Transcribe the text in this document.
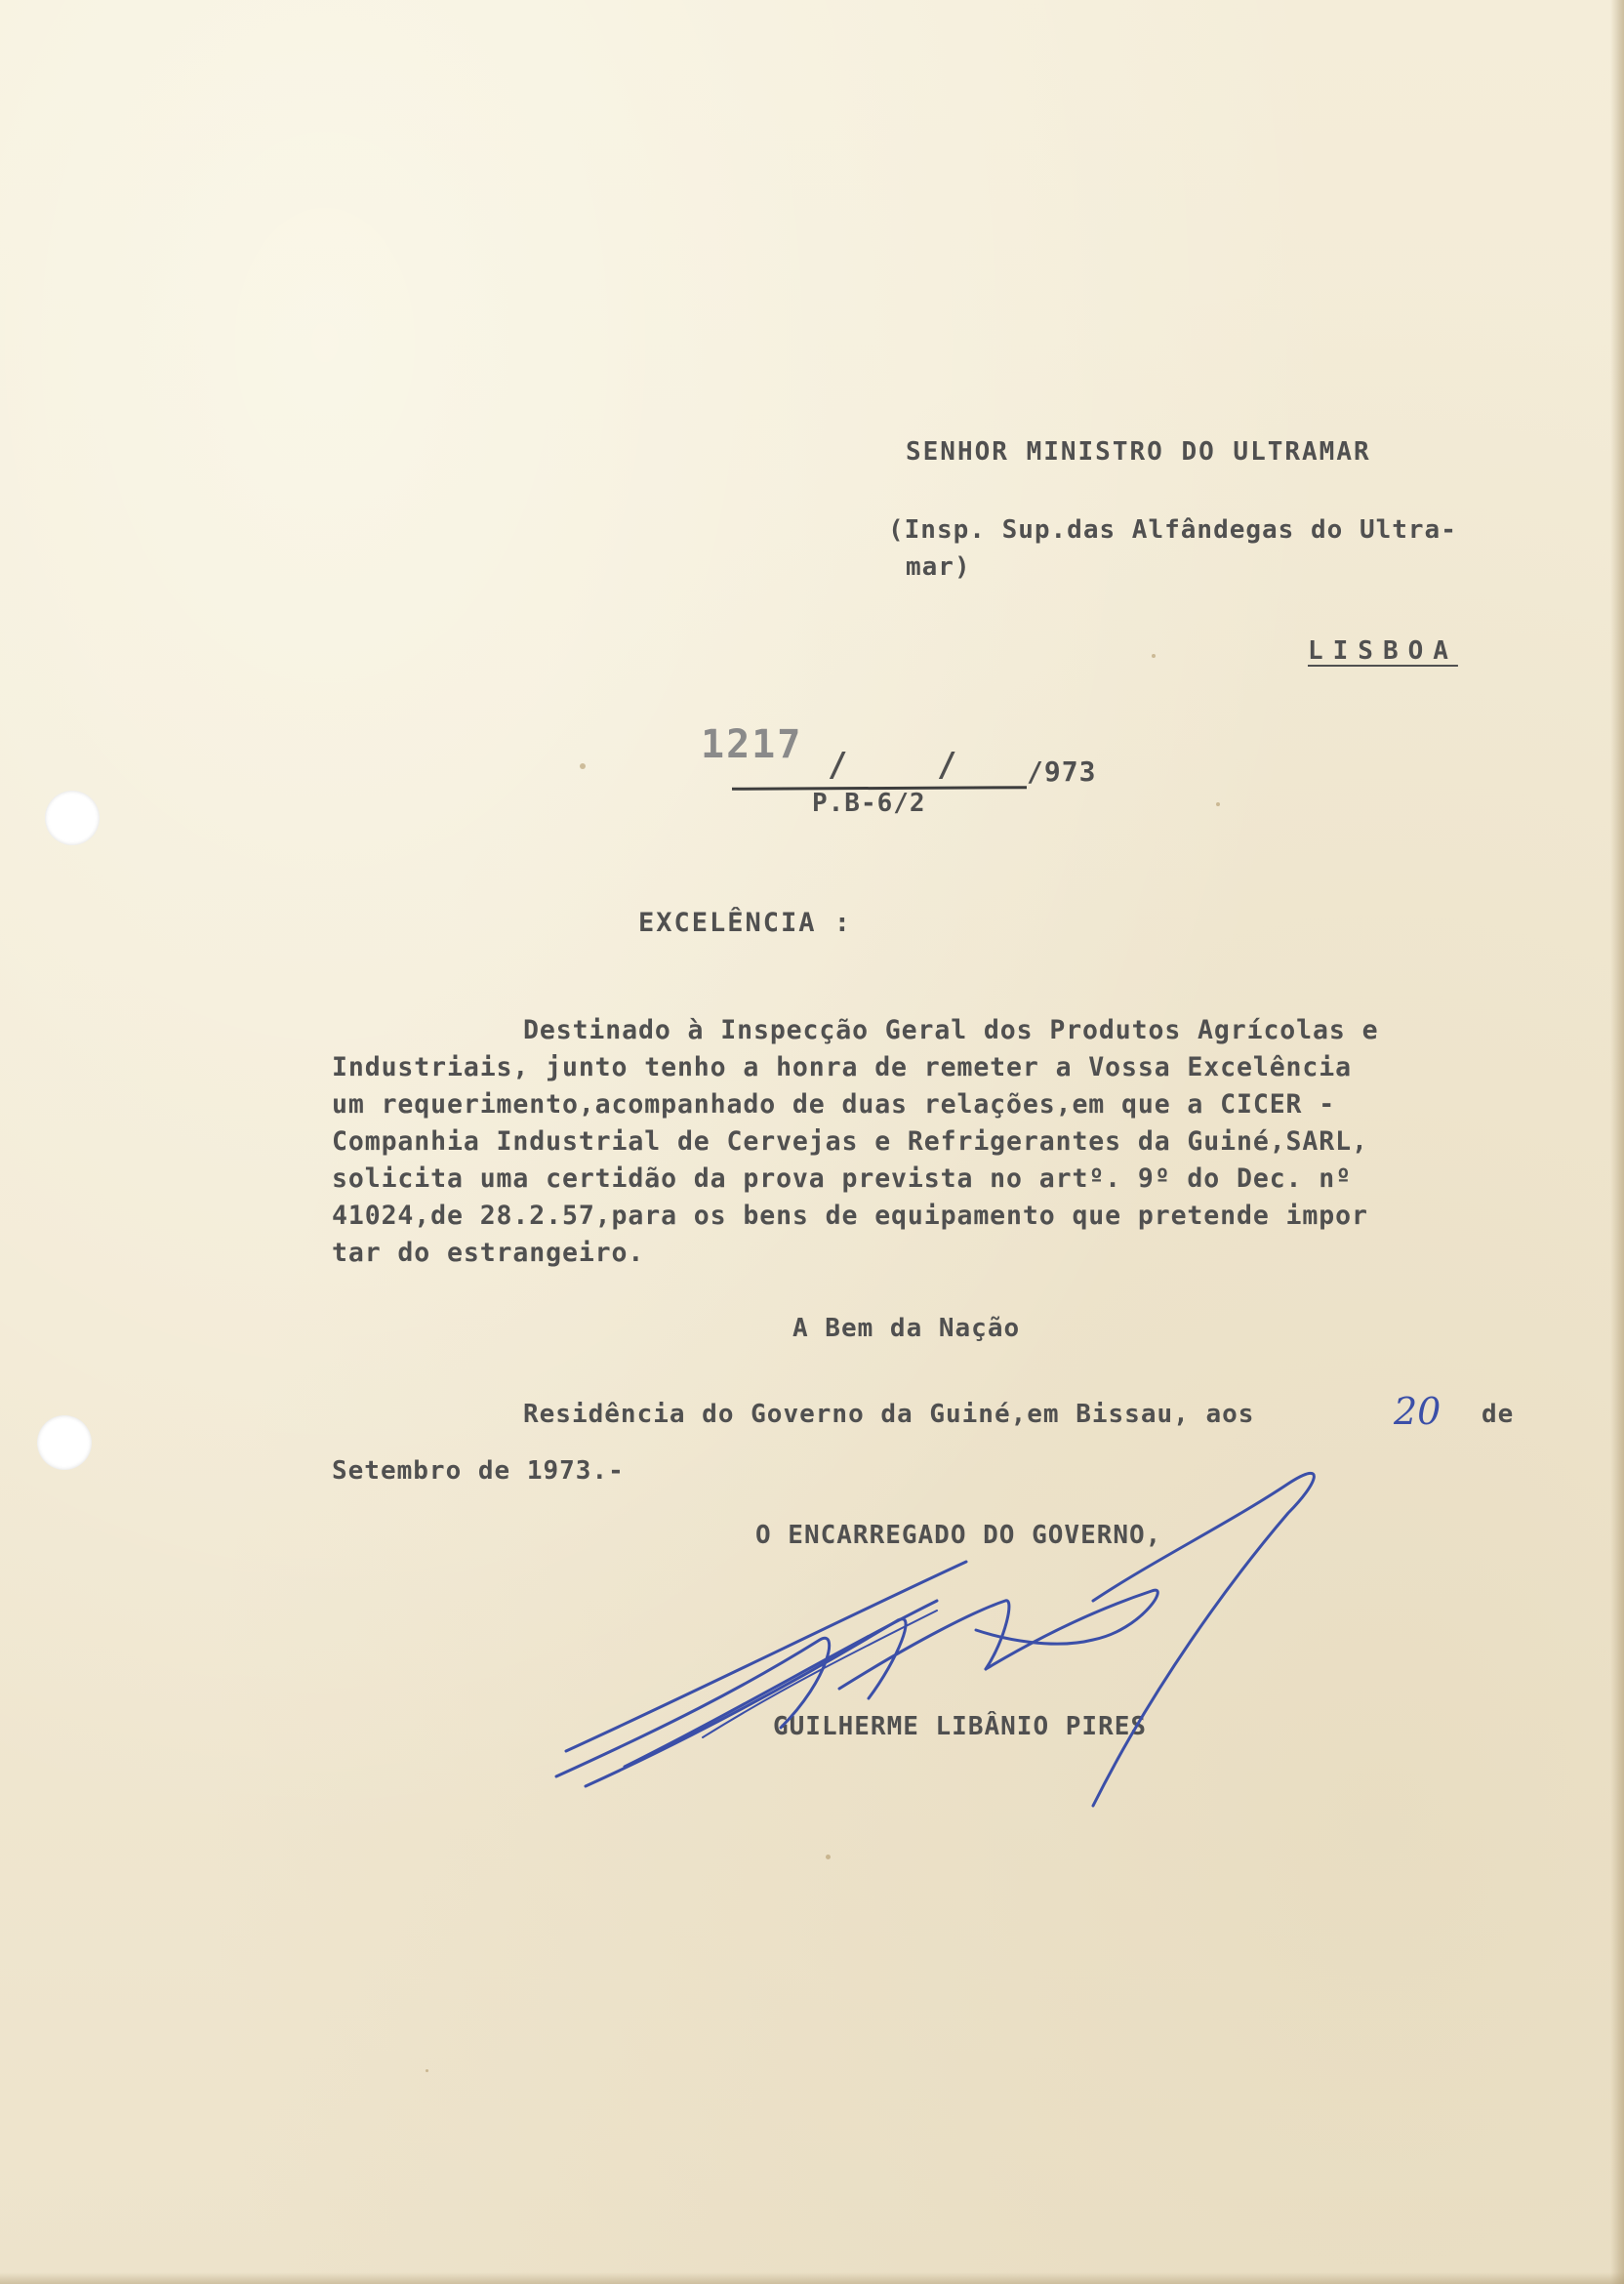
SENHOR MINISTRO DO ULTRAMAR
(Insp. Sup.das Alfândegas do Ultra-
mar)
LISBOA
1217 /	/	/973
P.B-6/2
EXCELÊNCIA :
Destinado à Inspecção Geral dos Produtos Agrícolas e
Industriais, junto tenho a honra de remeter a Vossa Excelência
um requerimento,acompanhado de duas relações,em que a CICER -
Companhia Industrial de Cervejas e Refrigerantes da Guiné,SARL,
solicita uma certidão da prova prevista no artº. 9º do Dec. nº
41024,de 28.2.57,para os bens de equipamento que pretende impor
tar do estrangeiro.
A Bem da Nação
Residência do Governo da Guiné,em Bissau, aos	20 de
Setembro de 1973.-
O ENCARREGADO DO GOVERNO,
GUILHERME LIBÂNIO PIRES
